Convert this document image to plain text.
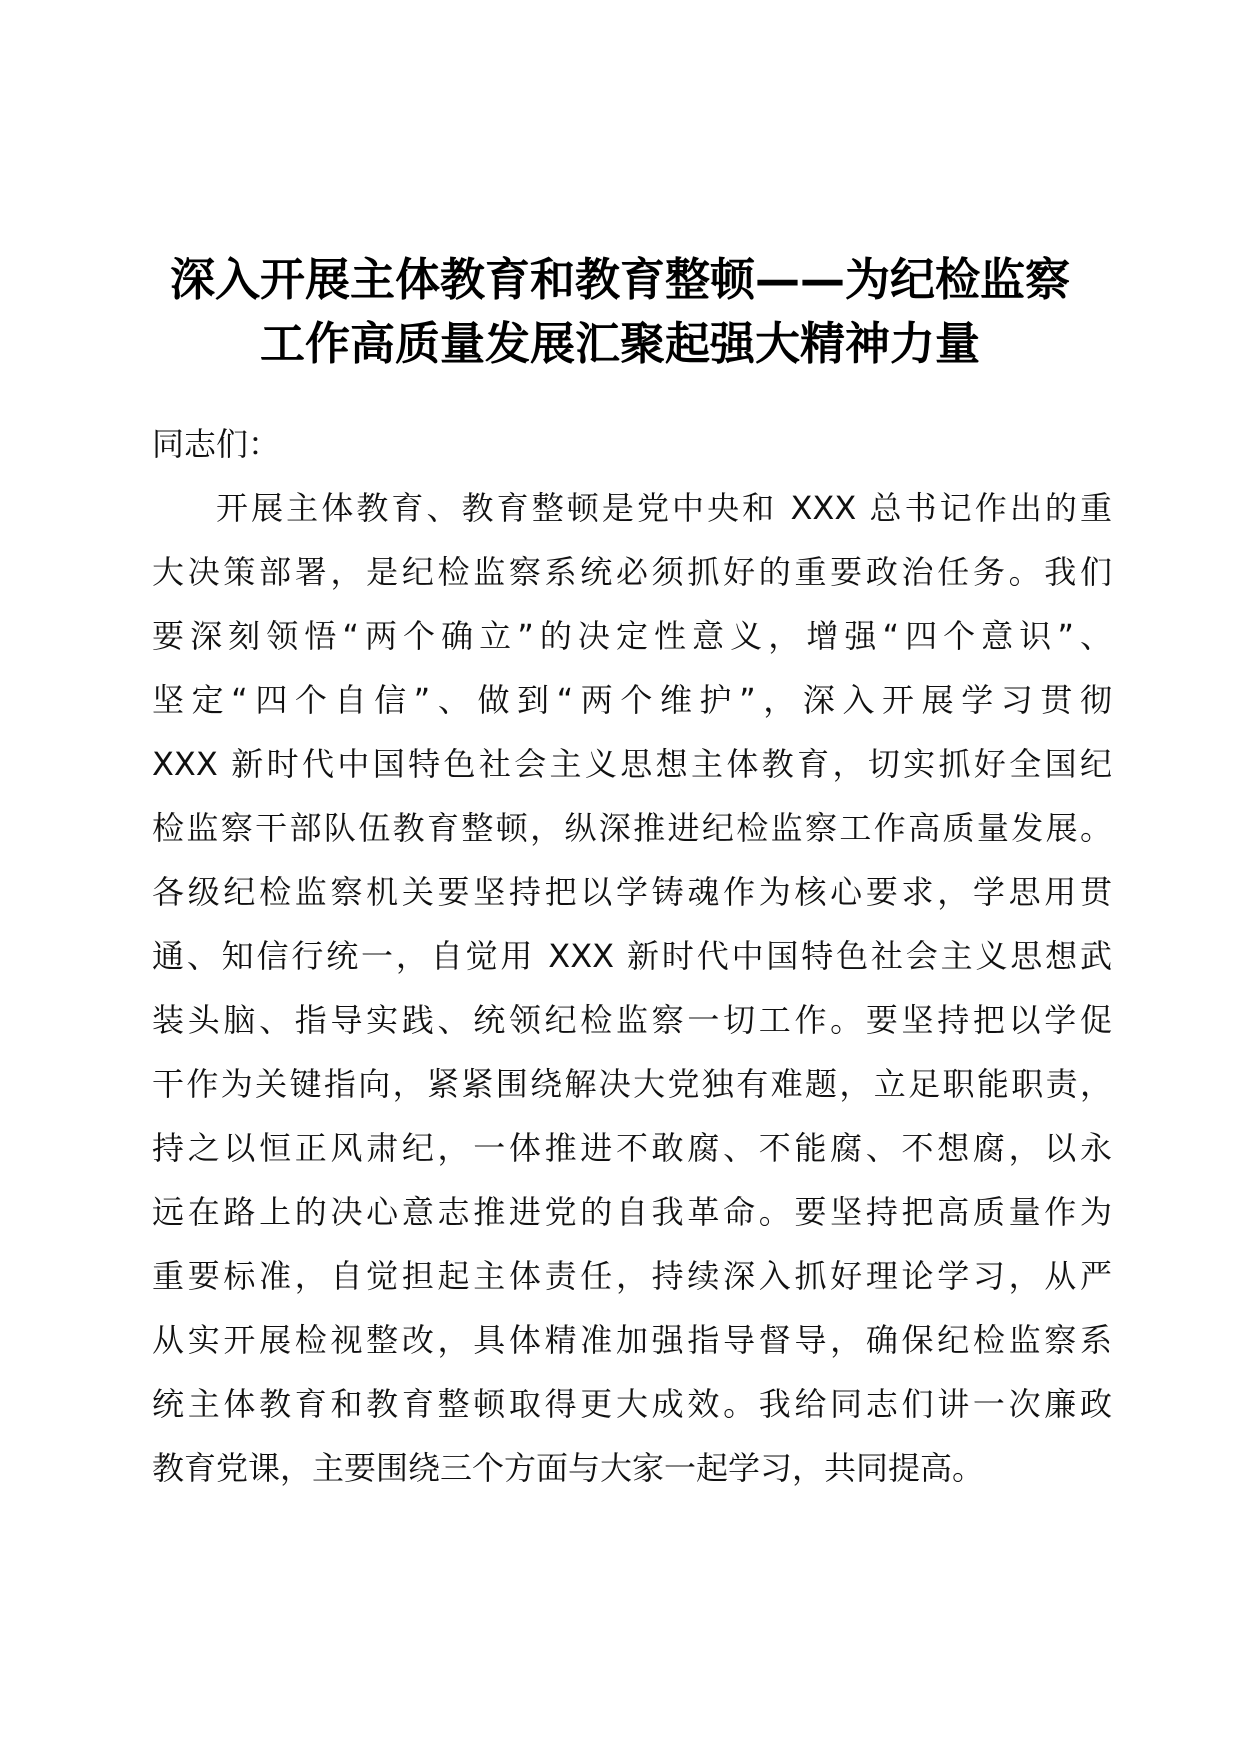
深入开展主体教育和教育整顿——为纪检监察
工作高质量发展汇聚起强大精神力量

同志们：

开展主体教育、教育整顿是党中央和 XXX 总书记作出的重
大决策部署，是纪检监察系统必须抓好的重要政治任务。我们
要深刻领悟“两个确立”的决定性意义，增强“四个意识”、
坚定“四个自信”、做到“两个维护”，深入开展学习贯彻
XXX 新时代中国特色社会主义思想主体教育，切实抓好全国纪
检监察干部队伍教育整顿，纵深推进纪检监察工作高质量发展。
各级纪检监察机关要坚持把以学铸魂作为核心要求，学思用贯
通、知信行统一，自觉用 XXX 新时代中国特色社会主义思想武
装头脑、指导实践、统领纪检监察一切工作。要坚持把以学促
干作为关键指向，紧紧围绕解决大党独有难题，立足职能职责，
持之以恒正风肃纪，一体推进不敢腐、不能腐、不想腐，以永
远在路上的决心意志推进党的自我革命。要坚持把高质量作为
重要标准，自觉担起主体责任，持续深入抓好理论学习，从严
从实开展检视整改，具体精准加强指导督导，确保纪检监察系
统主体教育和教育整顿取得更大成效。我给同志们讲一次廉政
教育党课，主要围绕三个方面与大家一起学习，共同提高。
